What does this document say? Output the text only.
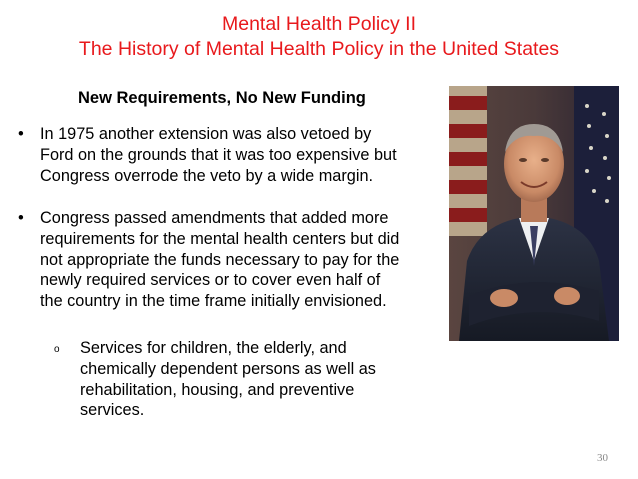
Mental Health Policy II
The History of Mental Health Policy in the United States
New Requirements, No New Funding
• In 1975 another extension was also vetoed by
Ford on the grounds that it was too expensive but
Congress overrode the veto by a wide margin.
• Congress passed amendments that added more
requirements for the mental health centers but did
not appropriate the funds necessary to pay for the
newly required services or to cover even half of
the country in the time frame initially envisioned.
o Services for children, the elderly, and
chemically dependent persons as well as
rehabilitation, housing, and preventive
services.
30
